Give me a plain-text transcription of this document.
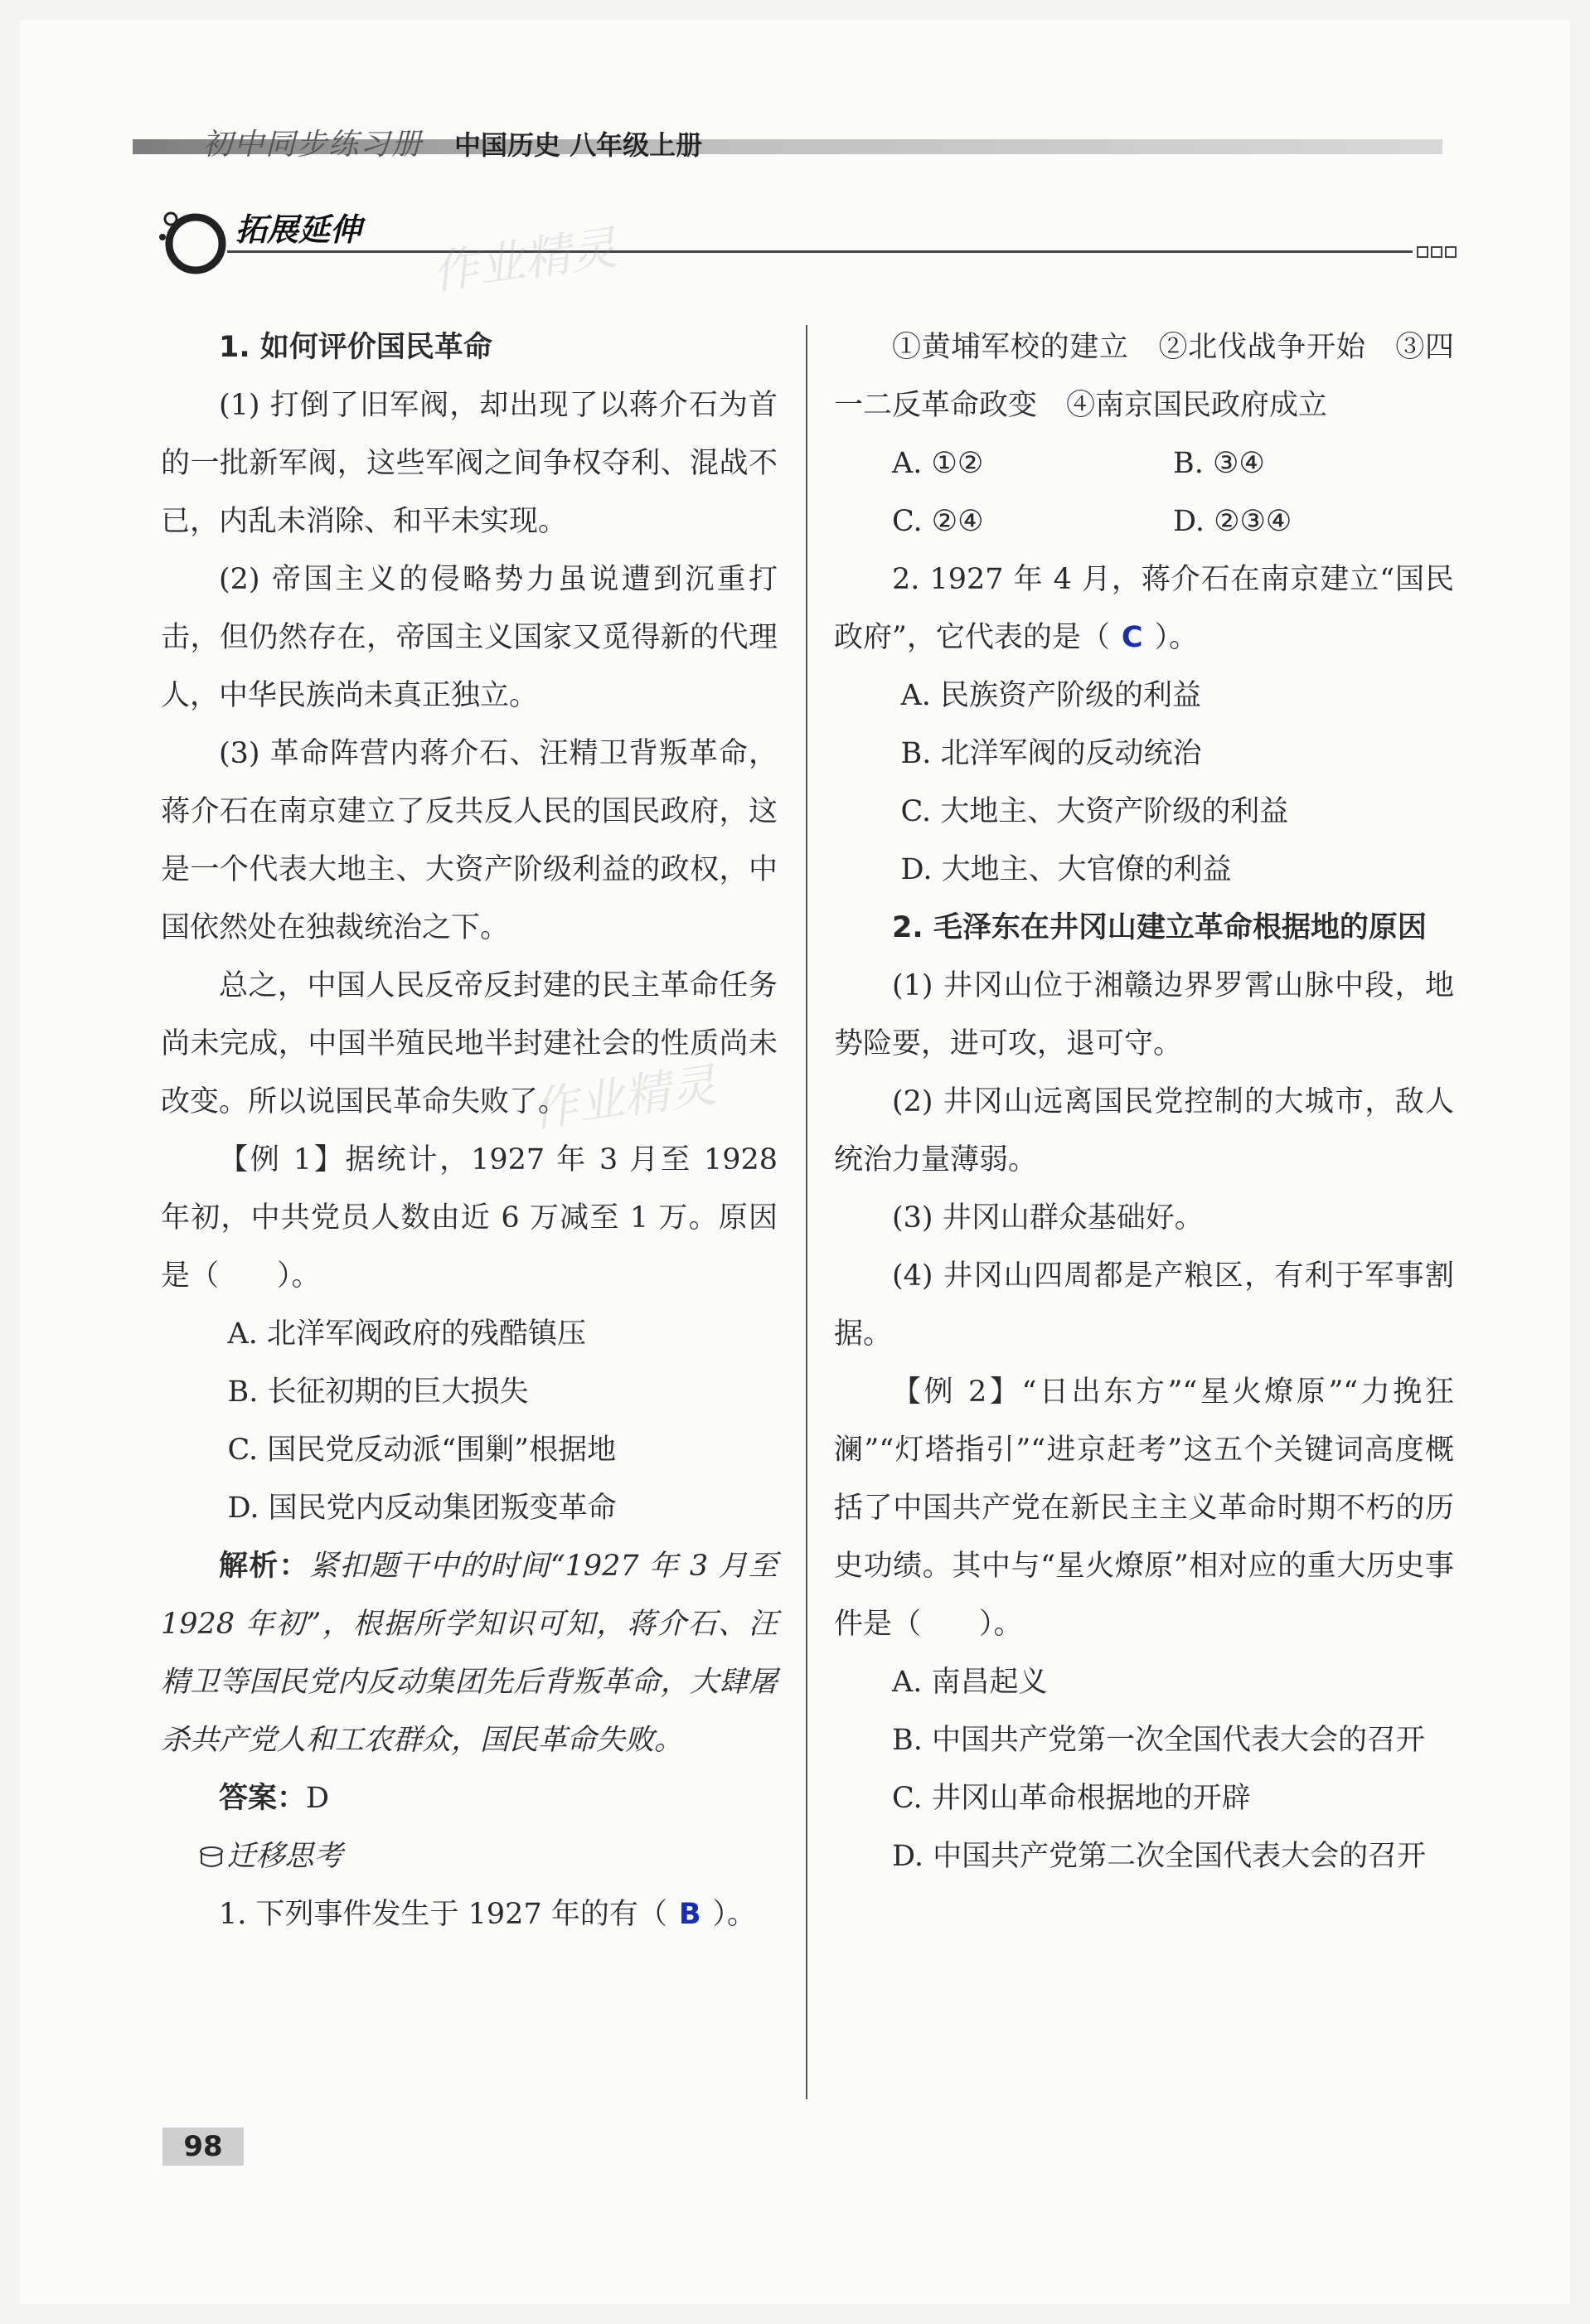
初中同步练习册 中国历史 八年级上册
拓展延伸 作业精灵
作业精灵

1. 如何评价国民革命

(1) 打倒了旧军阀，却出现了以蒋介石为首的一批新军阀，这些军阀之间争权夺利、混战不已，内乱未消除、和平未实现。

(2) 帝国主义的侵略势力虽说遭到沉重打击，但仍然存在，帝国主义国家又觅得新的代理人，中华民族尚未真正独立。

(3) 革命阵营内蒋介石、汪精卫背叛革命，蒋介石在南京建立了反共反人民的国民政府，这是一个代表大地主、大资产阶级利益的政权，中国依然处在独裁统治之下。

总之，中国人民反帝反封建的民主革命任务尚未完成，中国半殖民地半封建社会的性质尚未改变。所以说国民革命失败了。

【例 1】据统计，1927 年 3 月至 1928 年初，中共党员人数由近 6 万减至 1 万。原因是（　　）。

A. 北洋军阀政府的残酷镇压

B. 长征初期的巨大损失

C. 国民党反动派“围剿”根据地

D. 国民党内反动集团叛变革命

解析：紧扣题干中的时间“1927 年 3 月至 1928 年初”，根据所学知识可知，蒋介石、汪精卫等国民党内反动集团先后背叛革命，大肆屠杀共产党人和工农群众，国民革命失败。

答案：D

迁移思考

1. 下列事件发生于 1927 年的有（ B ）。

①黄埔军校的建立　②北伐战争开始　③四一二反革命政变　④南京国民政府成立

A. ①②	B. ③④
C. ②④	D. ②③④

2. 1927 年 4 月，蒋介石在南京建立“国民政府”，它代表的是（ C ）。

A. 民族资产阶级的利益

B. 北洋军阀的反动统治

C. 大地主、大资产阶级的利益

D. 大地主、大官僚的利益

2. 毛泽东在井冈山建立革命根据地的原因

(1) 井冈山位于湘赣边界罗霄山脉中段，地势险要，进可攻，退可守。

(2) 井冈山远离国民党控制的大城市，敌人统治力量薄弱。

(3) 井冈山群众基础好。

(4) 井冈山四周都是产粮区，有利于军事割据。

【例 2】“日出东方”“星火燎原”“力挽狂澜”“灯塔指引”“进京赶考”这五个关键词高度概括了中国共产党在新民主主义革命时期不朽的历史功绩。其中与“星火燎原”相对应的重大历史事件是（　　）。

A. 南昌起义

B. 中国共产党第一次全国代表大会的召开

C. 井冈山革命根据地的开辟

D. 中国共产党第二次全国代表大会的召开

98
